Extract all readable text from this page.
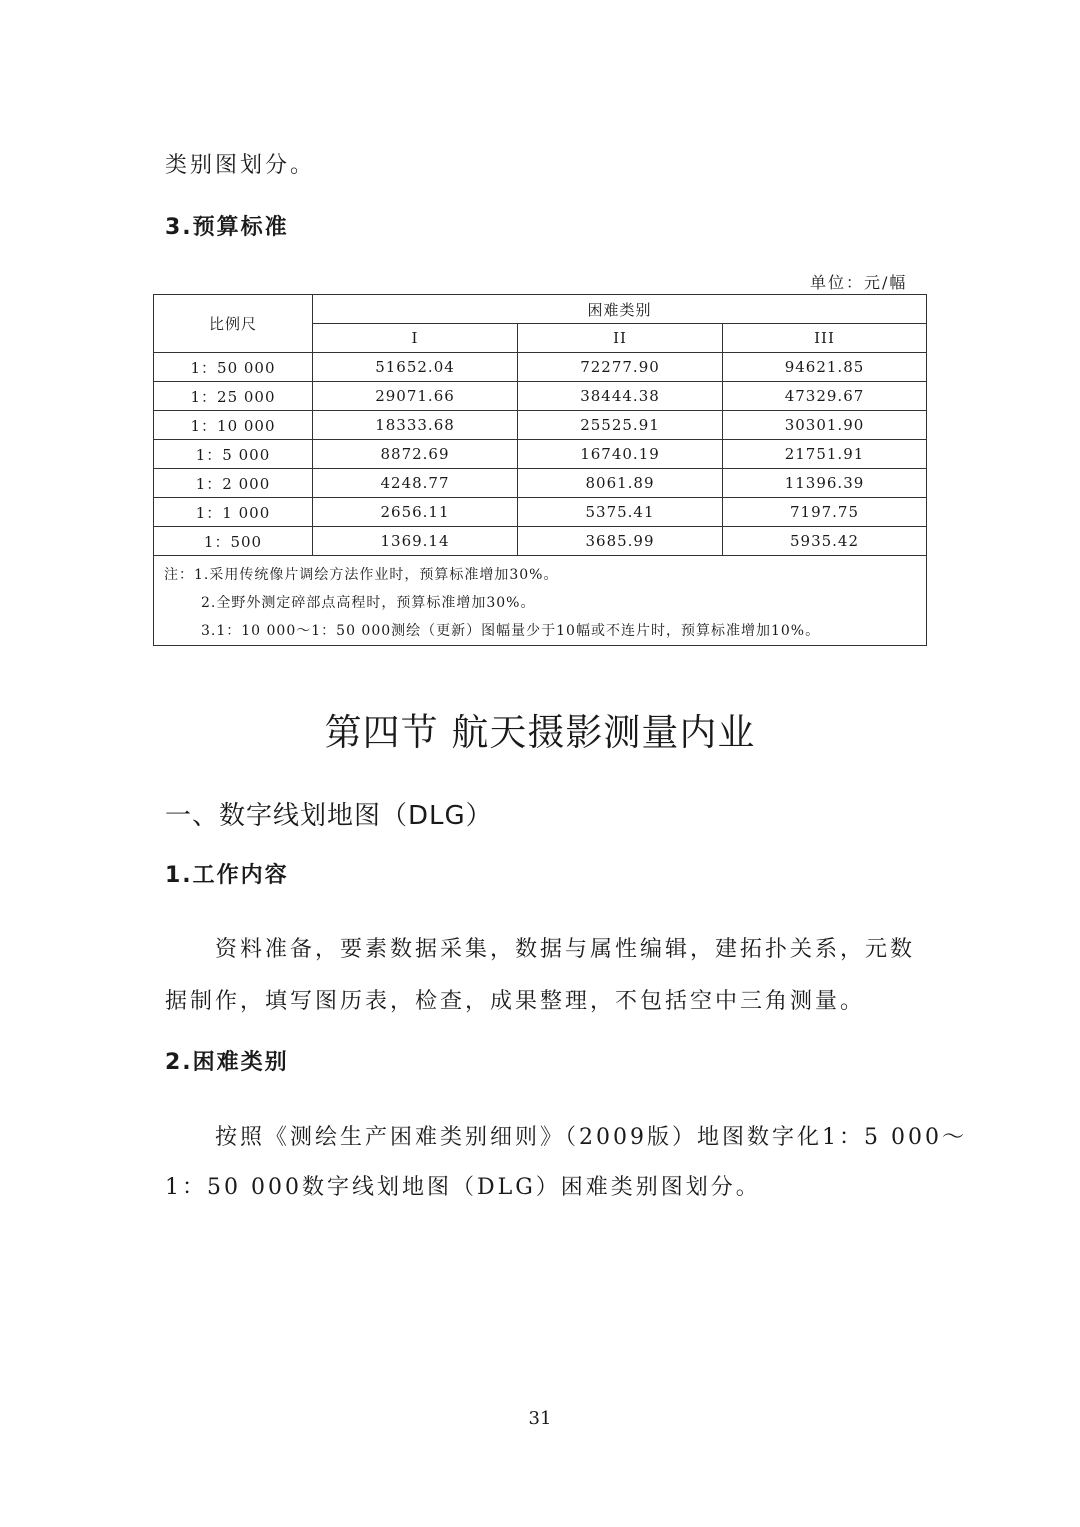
类别图划分。
3.预算标准
单位：元/幅
比例尺	困难类别		
	I	II	III
1：50 000	51652.04	72277.90	94621.85
1：25 000	29071.66	38444.38	47329.67
1：10 000	18333.68	25525.91	30301.90
1：5 000	8872.69	16740.19	21751.91
1：2 000	4248.77	8061.89	11396.39
1：1 000	2656.11	5375.41	7197.75
1：500	1369.14	3685.99	5935.42

注：1.采用传统像片调绘方法作业时，预算标准增加30%。
2.全野外测定碎部点高程时，预算标准增加30%。
3.1：10 000～1：50 000测绘（更新）图幅量少于10幅或不连片时，预算标准增加10%。			
第四节 航天摄影测量内业
一、数字线划地图（DLG）
1.工作内容
资料准备，要素数据采集，数据与属性编辑，建拓扑关系，元数
据制作，填写图历表，检查，成果整理，不包括空中三角测量。
2.困难类别
按照《测绘生产困难类别细则》（2009版）地图数字化1：5 000～
1：50 000数字线划地图（DLG）困难类别图划分。
31
